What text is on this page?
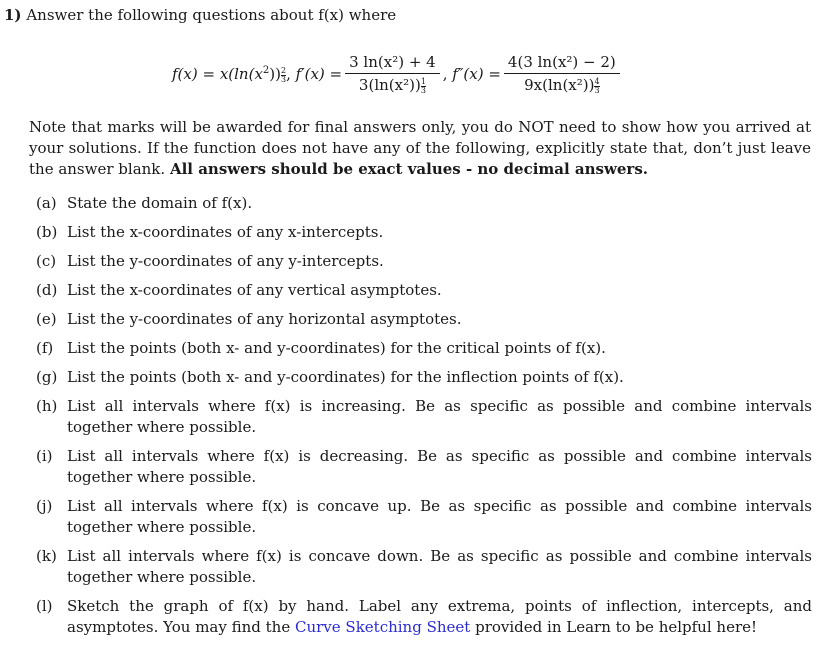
1) Answer the following questions about f(x) where
$f(x) = x(\ln(x^2)) \frac{2}{3}$ , $f'(x) = \frac{\text{3 ln(x²) + 4}}{3(\ln(x^2)) \frac{1}{3}}$ , $f''(x) = \frac{\text{4(3 ln(x²) − 2)}}{9x(\ln(x^2)) \frac{4}{3}}$
Note that marks will be awarded for final answers only, you do NOT need to show how you arrived at your solutions. If the function does not have any of the following, explicitly state that, don’t just leave the answer blank. All answers should be exact values - no decimal answers.
(a) State the domain of f(x).
(b) List the x-coordinates of any x-intercepts.
(c) List the y-coordinates of any y-intercepts.
(d) List the x-coordinates of any vertical asymptotes.
(e) List the y-coordinates of any horizontal asymptotes.
(f) List the points (both x- and y-coordinates) for the critical points of f(x).
(g) List the points (both x- and y-coordinates) for the inflection points of f(x).
(h) List all intervals where f(x) is increasing. Be as specific as possible and combine intervals together where possible.
(i) List all intervals where f(x) is decreasing. Be as specific as possible and combine intervals together where possible.
(j) List all intervals where f(x) is concave up. Be as specific as possible and combine intervals together where possible.
(k) List all intervals where f(x) is concave down. Be as specific as possible and combine intervals together where possible.
(l) Sketch the graph of f(x) by hand. Label any extrema, points of inflection, intercepts, and asymptotes. You may find the Curve Sketching Sheet provided in Learn to be helpful here!
